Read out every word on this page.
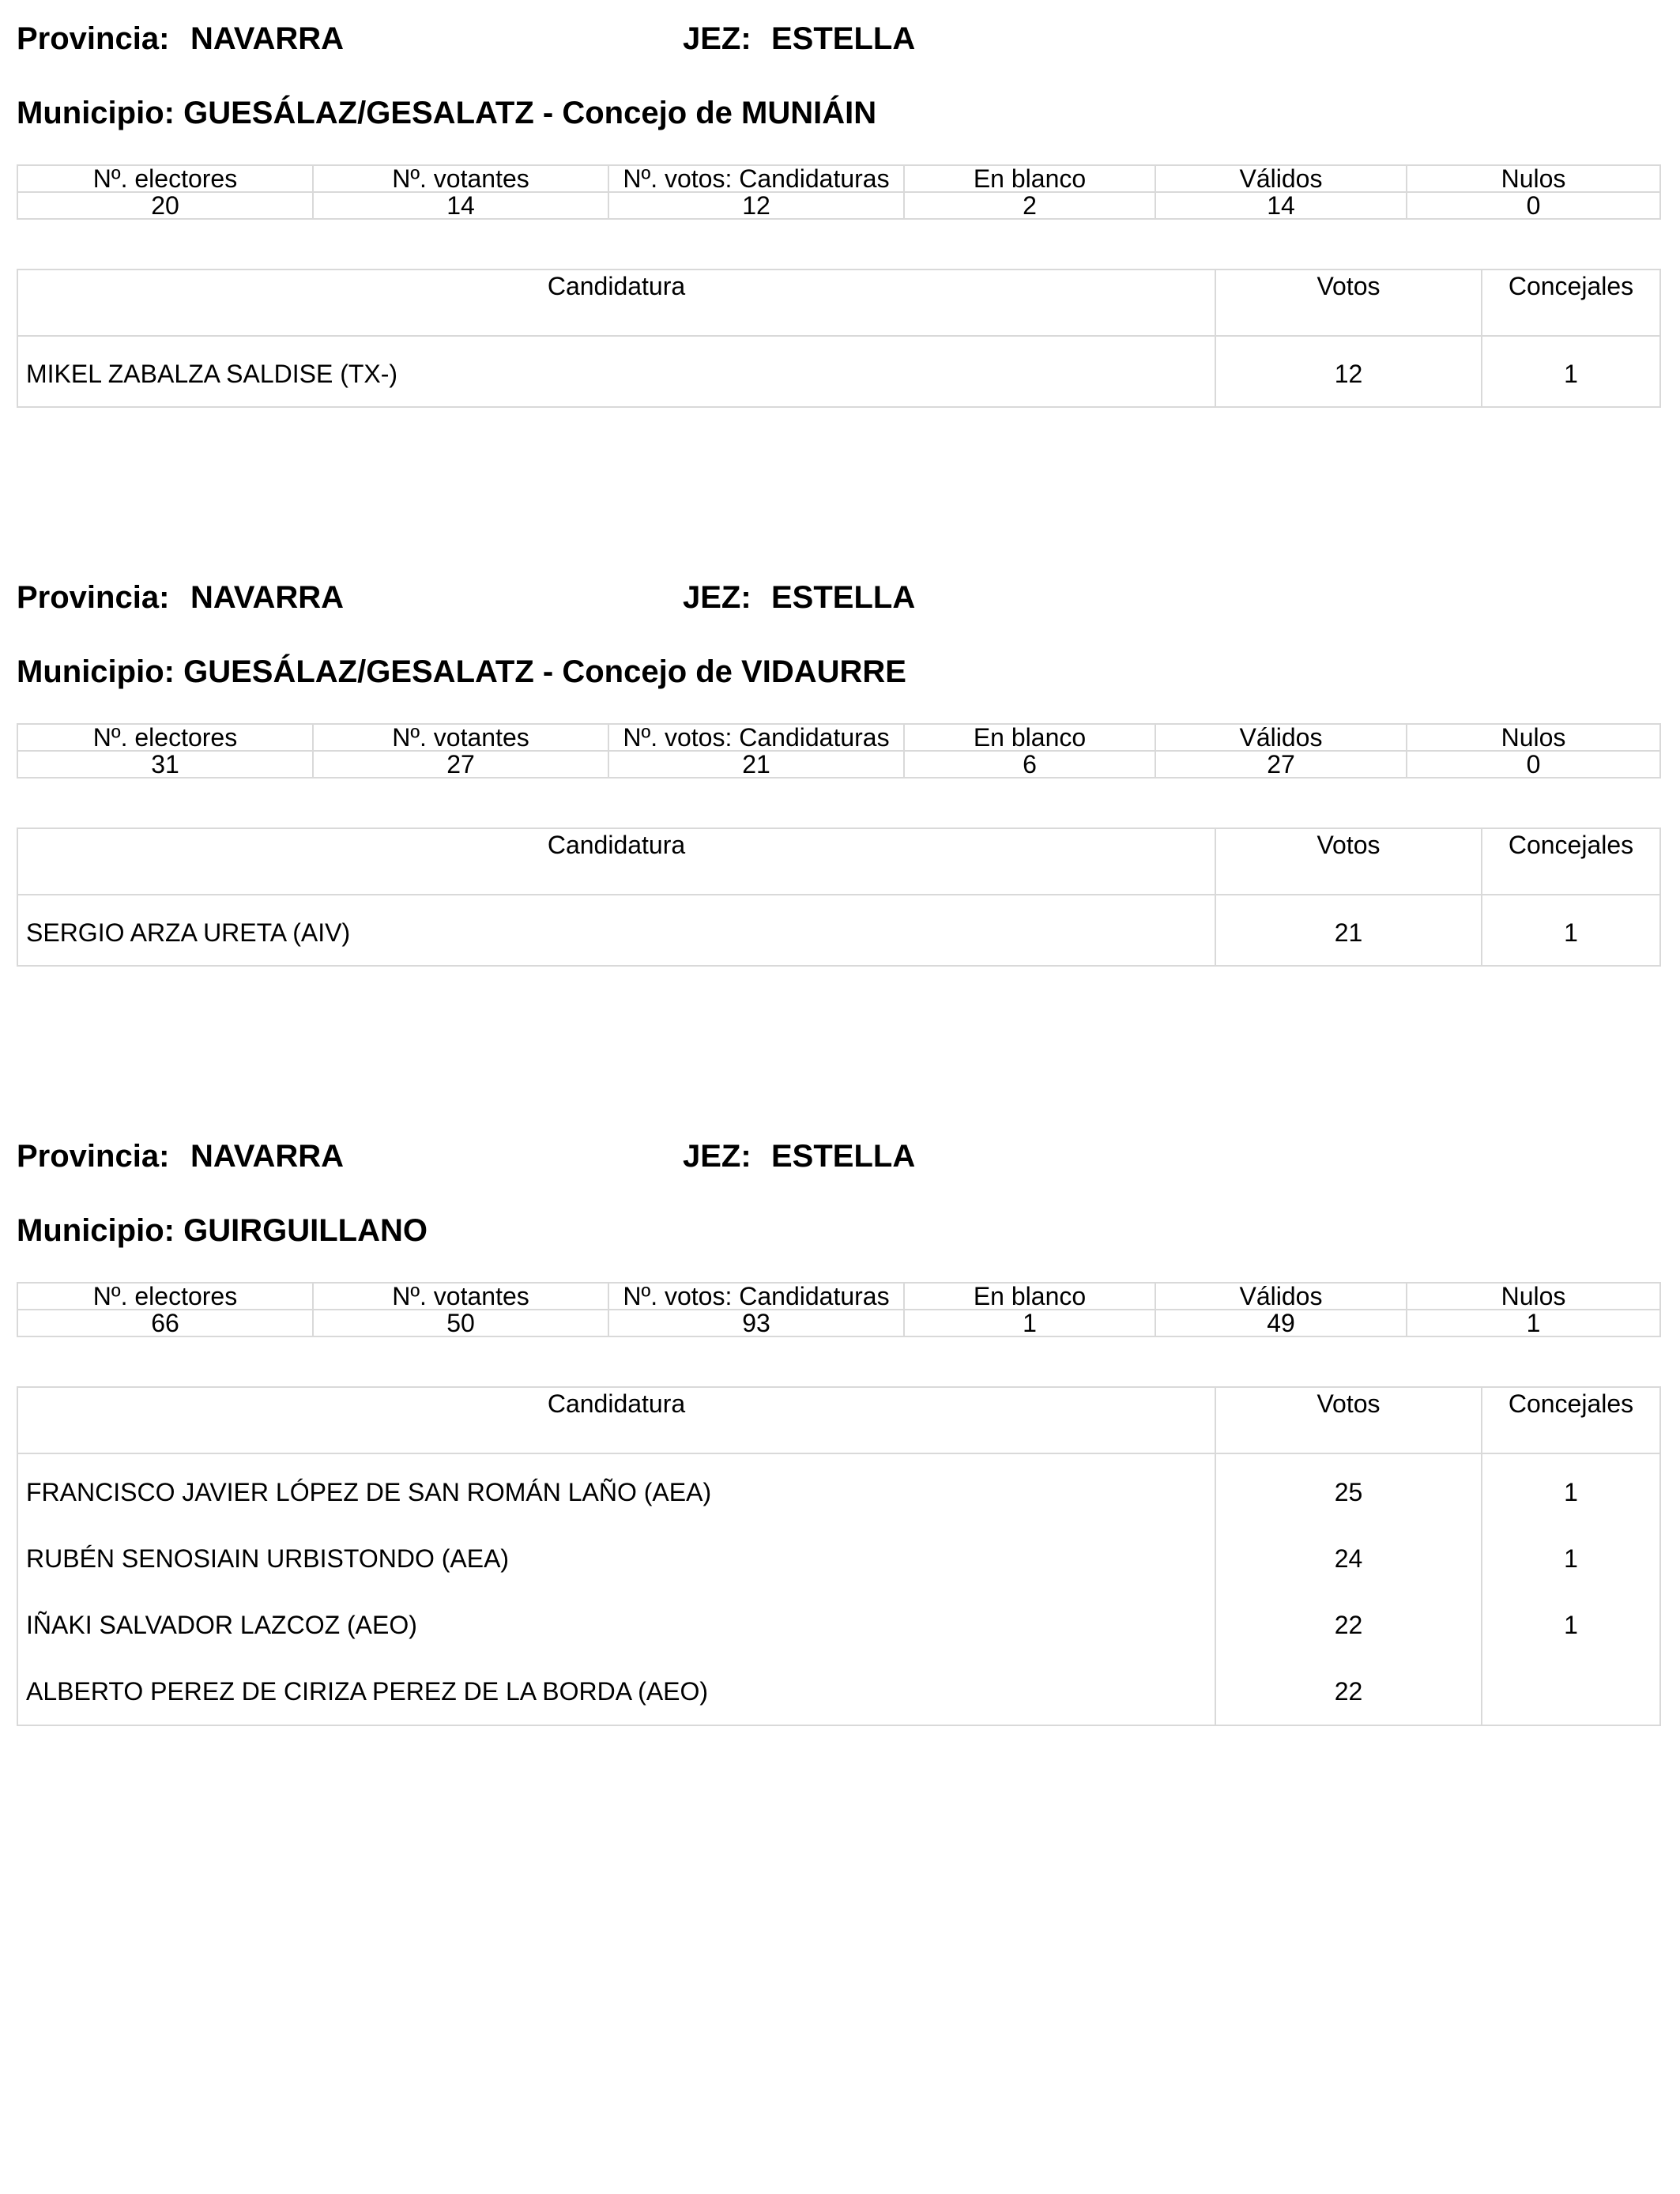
Provincia: NAVARRA	JEZ: ESTELLA
Municipio: GUESÁLAZ/GESALATZ - Concejo de MUNIÁIN
Nº. electores	Nº. votantes	Nº. votos: Candidaturas	En blanco	Válidos	Nulos
20	14	12	2	14	0
Candidatura	Votos	Concejales
MIKEL ZABALZA SALDISE (TX-)	12	1
Provincia: NAVARRA	JEZ: ESTELLA
Municipio: GUESÁLAZ/GESALATZ - Concejo de VIDAURRE
Nº. electores	Nº. votantes	Nº. votos: Candidaturas	En blanco	Válidos	Nulos
31	27	21	6	27	0
Candidatura	Votos	Concejales
SERGIO ARZA URETA (AIV)	21	1
Provincia: NAVARRA	JEZ: ESTELLA
Municipio: GUIRGUILLANO
Nº. electores	Nº. votantes	Nº. votos: Candidaturas	En blanco	Válidos	Nulos
66	50	93	1	49	1
Candidatura	Votos	Concejales
FRANCISCO JAVIER LÓPEZ DE SAN ROMÁN LAÑO (AEA)	25	1
RUBÉN SENOSIAIN URBISTONDO (AEA)	24	1
IÑAKI SALVADOR LAZCOZ (AEO)	22	1
ALBERTO PEREZ DE CIRIZA PEREZ DE LA BORDA (AEO)	22	
